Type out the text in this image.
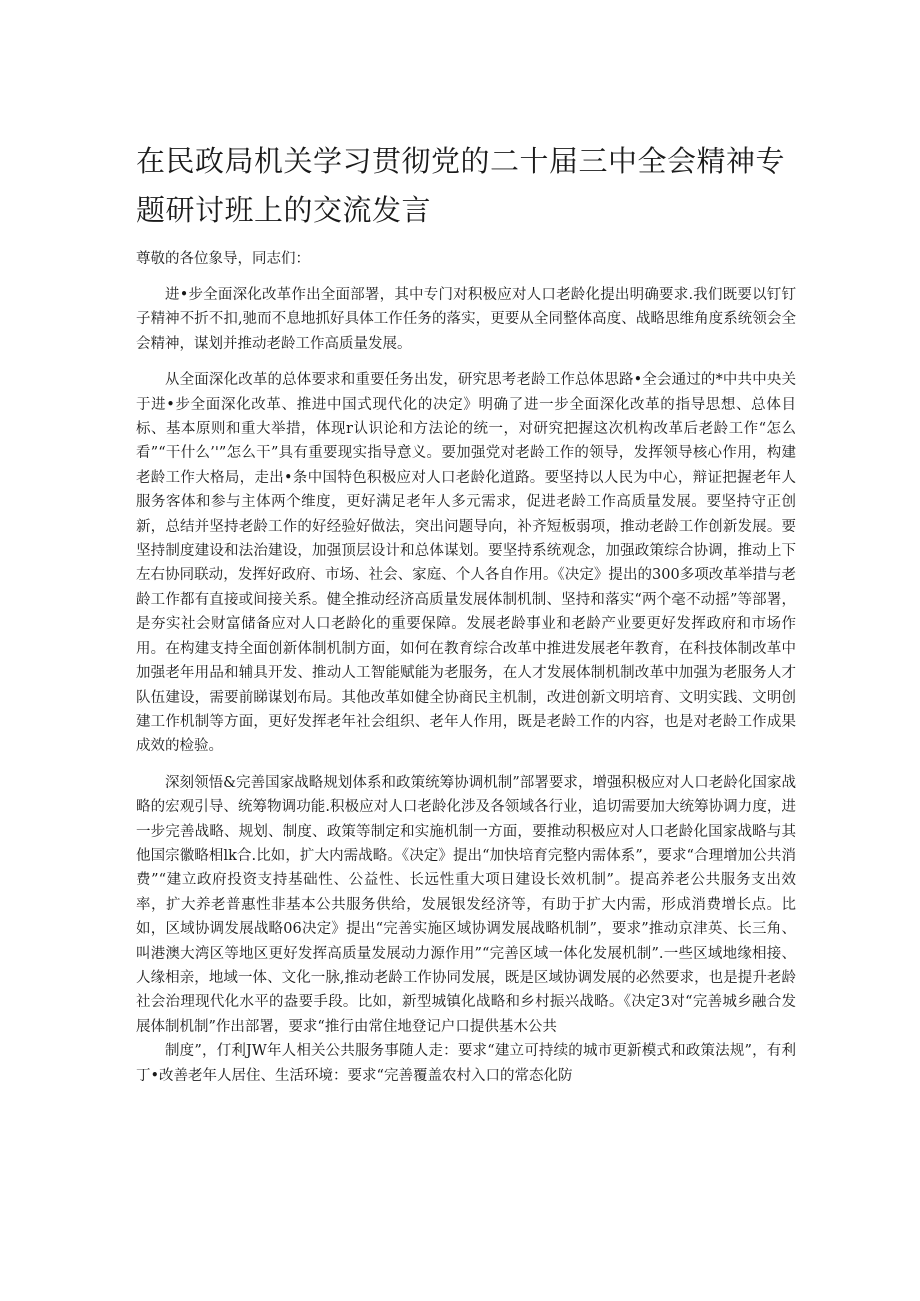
在民政局机关学习贯彻党的二十届三中全会精神专题研讨班上的交流发言

尊敬的各位象导，同志们：

进•步全面深化改革作出全面部署，其中专门对积极应对人口老龄化提出明确要求.我们既要以钉钉子精神不折不扣,驰而不息地抓好具体工作任务的落实，更要从全同整体高度、战略思维角度系统领会全会精神，谋划并推动老龄工作高质量发展。

从全面深化改革的总体要求和重要任务出发，研究思考老龄工作总体思路•全会通过的*中共中央关于进•步全面深化改革、推进中国式现代化的决定》明确了进一步全面深化改革的指导思想、总体目标、基本原则和重大举措，体现r认识论和方法论的统一，对研究把握这次机构改革后老龄工作“怎么看”“干什么’'”怎么干”具有重要现实指导意义。要加强党对老龄工作的领导，发挥领导核心作用，构建老龄工作大格局，走出•条中国特色积极应对人口老龄化道路。要坚持以人民为中心，辩证把握老年人服务客体和参与主体两个维度，更好满足老年人多元需求，促进老龄工作高质量发展。要坚持守正创新，总结并坚持老龄工作的好经验好做法，突出问题导向，补齐短板弱项，推动老龄工作创新发展。要坚持制度建设和法治建设，加强顶层设计和总体谋划。要坚持系统观念，加强政策综合协调，推动上下左右协同联动，发挥好政府、市场、社会、家庭、个人各自作用。《决定》提出的300多项改革举措与老龄工作都有直接或间接关系。健全推动经济高质量发展体制机制、坚持和落实“两个毫不动摇”等部署，是夯实社会财富储备应对人口老龄化的重要保障。发展老龄事业和老龄产业要更好发挥政府和市场作用。在构建支持全面创新体制机制方面，如何在教育综合改革中推进发展老年教育，在科技体制改革中加强老年用品和辅具开发、推动人工智能赋能为老服务，在人才发展体制机制改革中加强为老服务人才队伍建设，需要前睇谋划布局。其他改革如健全协商民主机制，改进创新文明培育、文明实践、文明创建工作机制等方面，更好发挥老年社会组织、老年人作用，既是老龄工作的内容，也是对老龄工作成果成效的检验。

深刻领悟&完善国家战略规划体系和政策统筹协调机制”部署要求，增强积极应对人口老龄化国家战略的宏观引导、统筹物调功能.积极应对人口老龄化涉及各领域各行业，追切需要加大统筹协调力度，进一步完善战略、规划、制度、政策等制定和实施机制一方面，要推动积极应对人口老龄化国家战略与其他国宗徽略相lk合.比如，扩大内需战略。《决定》提出“加快培育完整内需体系”，要求“合理增加公共消费”“建立政府投资支持基础性、公益性、长远性重大项日建设长效机制”。提高养老公共服务支出效率，扩大养老普惠性非基本公共服务供给，发展银发经济等，有助于扩大内需，形成消费增长点。比如，区域协调发展战略06决定》提出“完善实施区域协调发展战略机制”，要求”推动京津英、长三角、叫港澳大湾区等地区更好发挥高质量发展动力源作用”“完善区域一体化发展机制”.一些区域地缘相接、人缘相亲，地域一体、文化一脉,推动老龄工作协同发展，既是区域协调发展的必然要求，也是提升老龄社会治理现代化水平的盎要手段。比如，新型城镇化战略和乡村振兴战略。《决定3对“完善城乡融合发展体制机制”作出部署，要求“推行由常住地登记户口提供基木公共

制度”，仃利JW年人相关公共服务事随人走：要求“建立可持续的城市更新模式和政策法规”，有利丁•改善老年人居住、生活环境：要求“完善覆盖农村入口的常态化防
